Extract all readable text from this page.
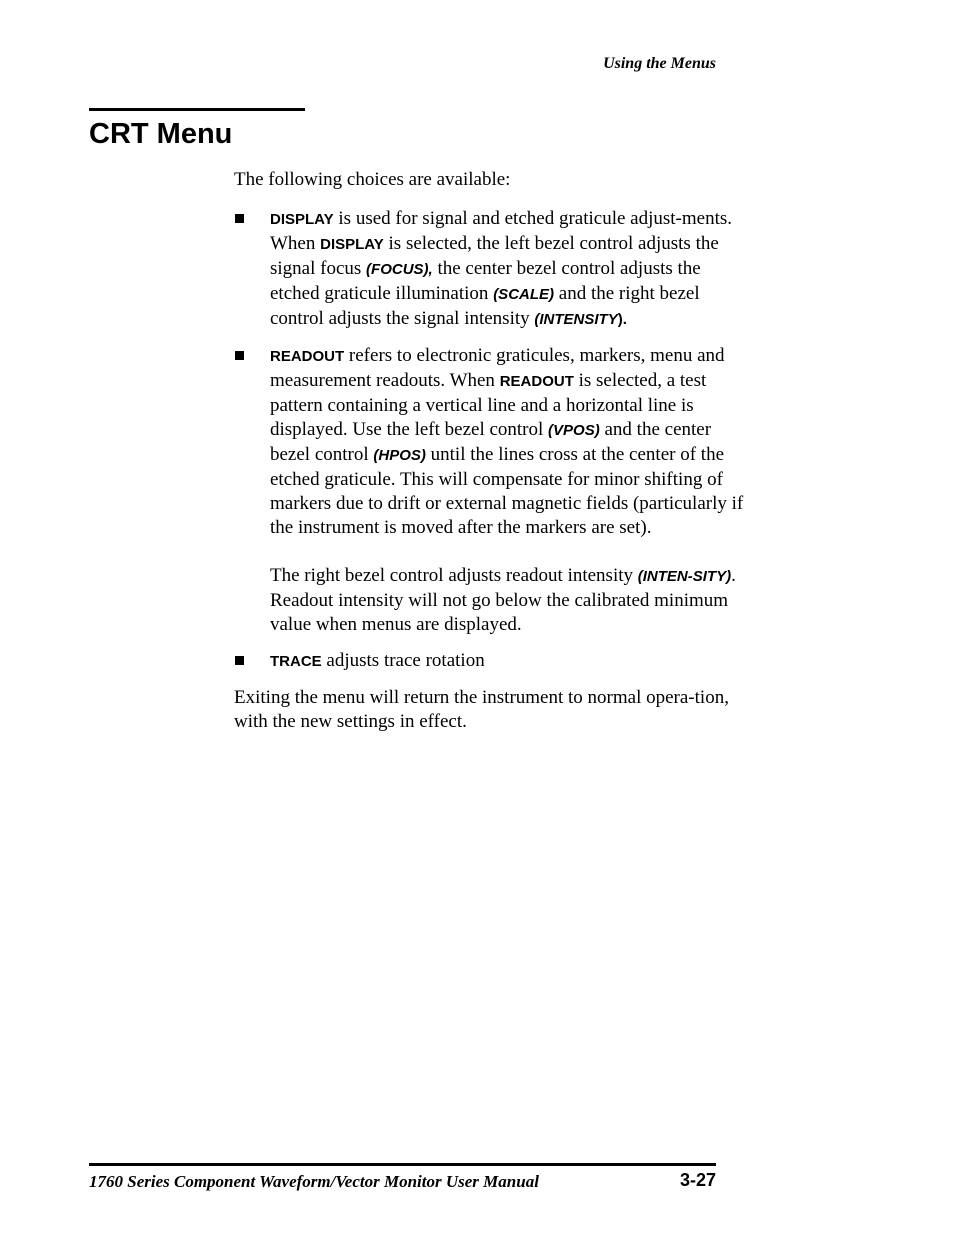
Using the Menus
CRT Menu

The following choices are available:

DISPLAY is used for signal and etched graticule adjust-ments. When DISPLAY is selected, the left bezel control adjusts the signal focus (FOCUS), the center bezel control adjusts the etched graticule illumination (SCALE) and the right bezel control adjusts the signal intensity (INTENSITY).

READOUT refers to electronic graticules, markers, menu and measurement readouts. When READOUT is selected, a test pattern containing a vertical line and a horizontal line is displayed. Use the left bezel control (VPOS) and the center bezel control (HPOS) until the lines cross at the center of the etched graticule. This will compensate for minor shifting of markers due to drift or external magnetic fields (particularly if the instrument is moved after the markers are set).

The right bezel control adjusts readout intensity (INTEN-SITY). Readout intensity will not go below the calibrated minimum value when menus are displayed.

TRACE adjusts trace rotation

Exiting the menu will return the instrument to normal opera-tion, with the new settings in effect.

1760 Series Component Waveform/Vector Monitor User Manual	3-27
